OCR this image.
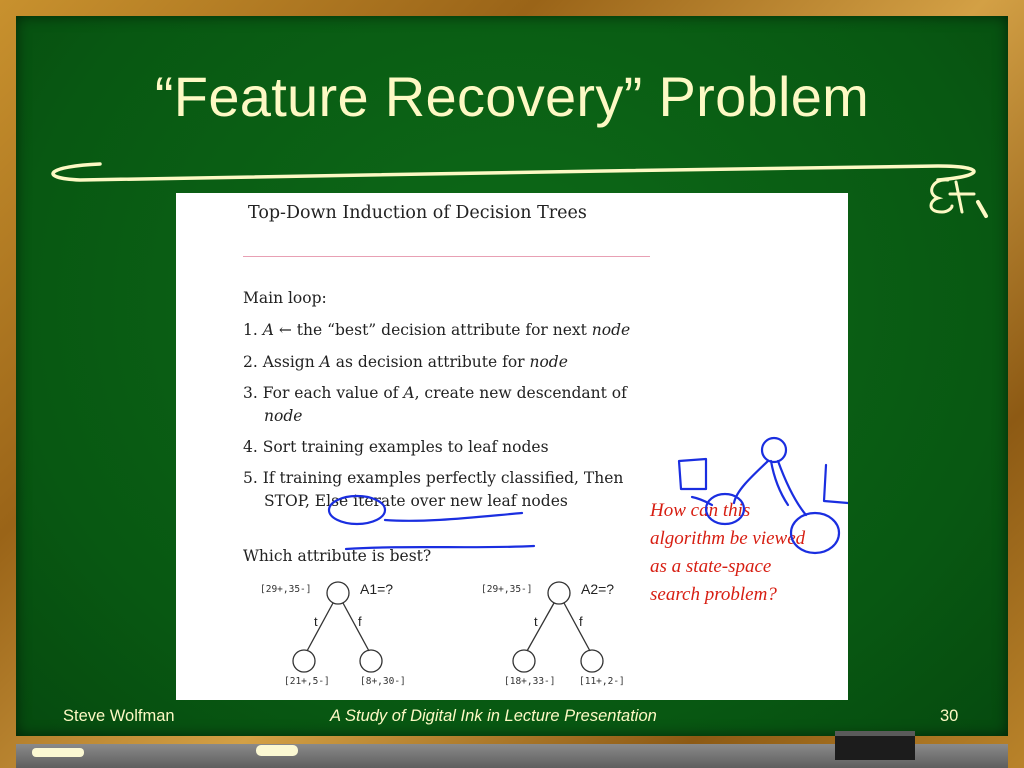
“Feature Recovery” Problem
Top-Down Induction of Decision Trees
Main loop:
1. A ← the “best” decision attribute for next node
2. Assign A as decision attribute for node
3. For each value of A, create new descendant of
node
4. Sort training examples to leaf nodes
5. If training examples perfectly classified, Then
STOP, Else iterate over new leaf nodes
Which attribute is best?
[29+,35-]	A1=?
t	f
[21+,5-]	[8+,30-]
[29+,35-]	A2=?
t	f
[18+,33-] [11+,2-]
How can this
algorithm be viewed
as a state-space
search problem?
Steve Wolfman	A Study of Digital Ink in Lecture Presentation	30
